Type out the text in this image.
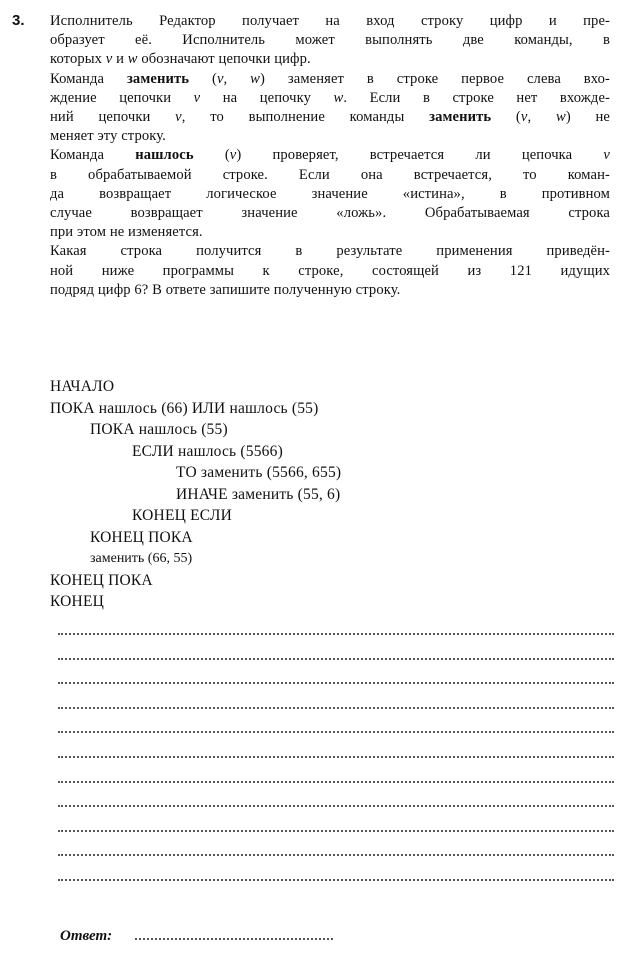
3. Исполнитель Редактор получает на вход строку цифр и пре-
образует её. Исполнитель может выполнять две команды, в
которых v и w обозначают цепочки цифр.
Команда заменить (v, w) заменяет в строке первое слева вхо-
ждение цепочки v на цепочку w. Если в строке нет вхожде-
ний цепочки v, то выполнение команды заменить (v, w) не
меняет эту строку.
Команда нашлось (v) проверяет, встречается ли цепочка v
в обрабатываемой строке. Если она встречается, то коман-
да возвращает логическое значение «истина», в противном
случае возвращает значение «ложь». Обрабатываемая строка
при этом не изменяется.
Какая строка получится в результате применения приведён-
ной ниже программы к строке, состоящей из 121 идущих
подряд цифр 6? В ответе запишите полученную строку.
НАЧАЛО
ПОКА нашлось (66) ИЛИ нашлось (55)
ПОКА нашлось (55)
ЕСЛИ нашлось (5566)
ТО заменить (5566, 655)
ИНАЧЕ заменить (55, 6)
КОНЕЦ ЕСЛИ
КОНЕЦ ПОКА
заменить (66, 55)
КОНЕЦ ПОКА
КОНЕЦ
Ответ:
